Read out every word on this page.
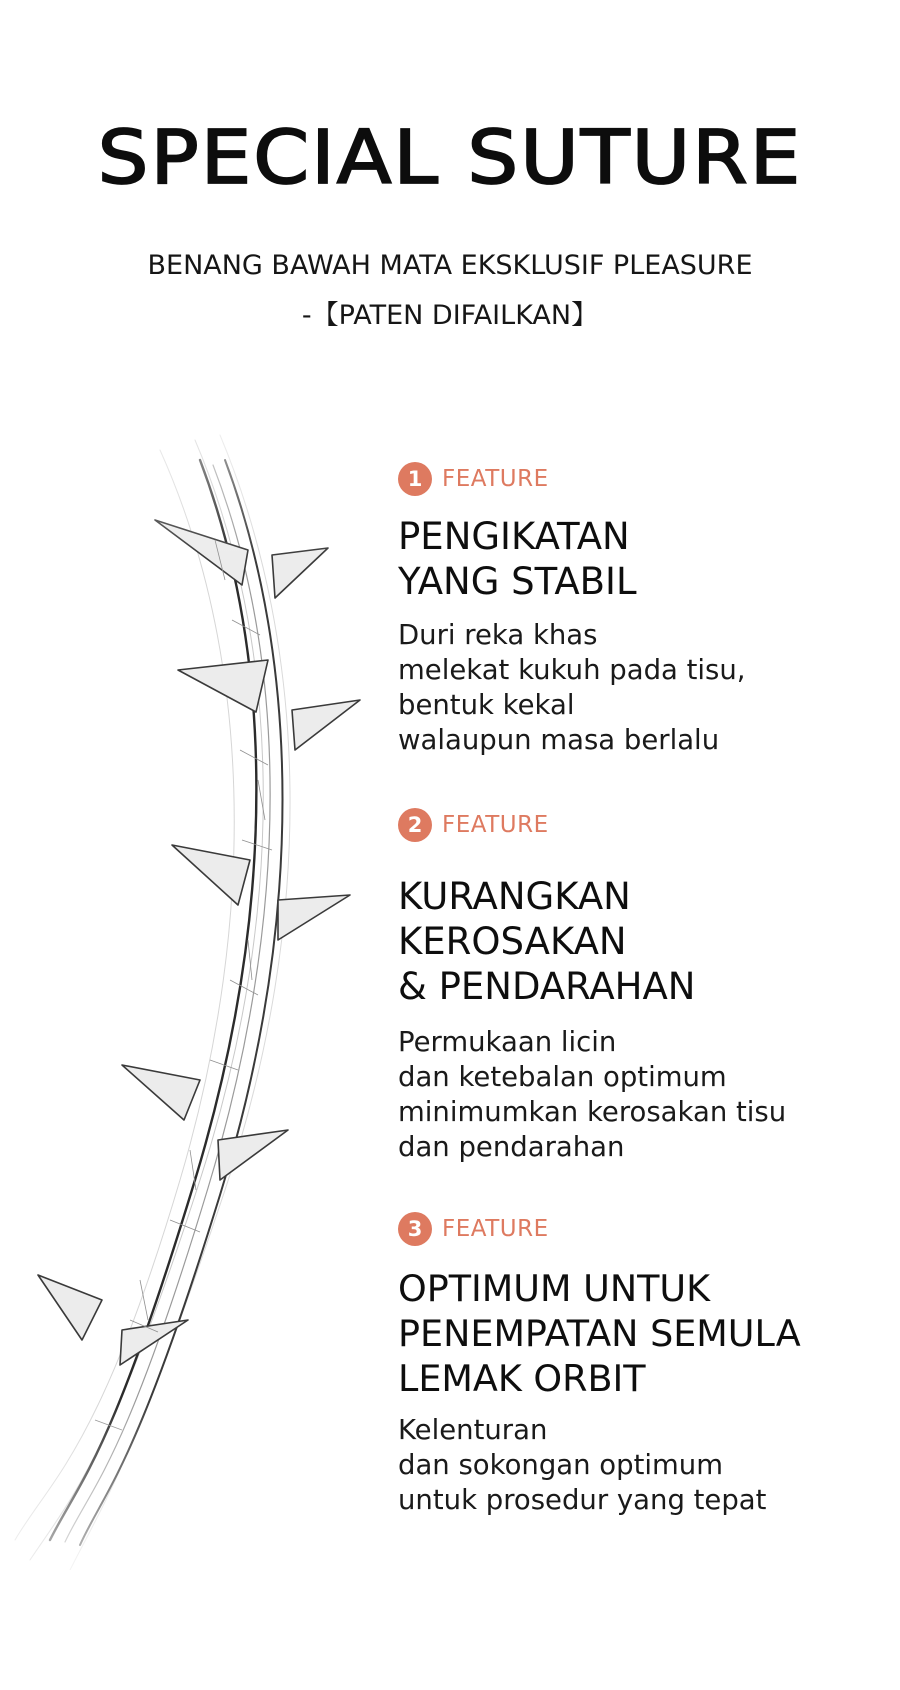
SPECIAL SUTURE
BENANG BAWAH MATA EKSKLUSIF PLEASURE
-【PATEN DIFAILKAN】
1 FEATURE
PENGIKATAN
YANG STABIL
Duri reka khas
melekat kukuh pada tisu,
bentuk kekal
walaupun masa berlalu
2 FEATURE
KURANGKAN
KEROSAKAN
& PENDARAHAN
Permukaan licin
dan ketebalan optimum
minimumkan kerosakan tisu
dan pendarahan
3 FEATURE
OPTIMUM UNTUK
PENEMPATAN SEMULA
LEMAK ORBIT
Kelenturan
dan sokongan optimum
untuk prosedur yang tepat
